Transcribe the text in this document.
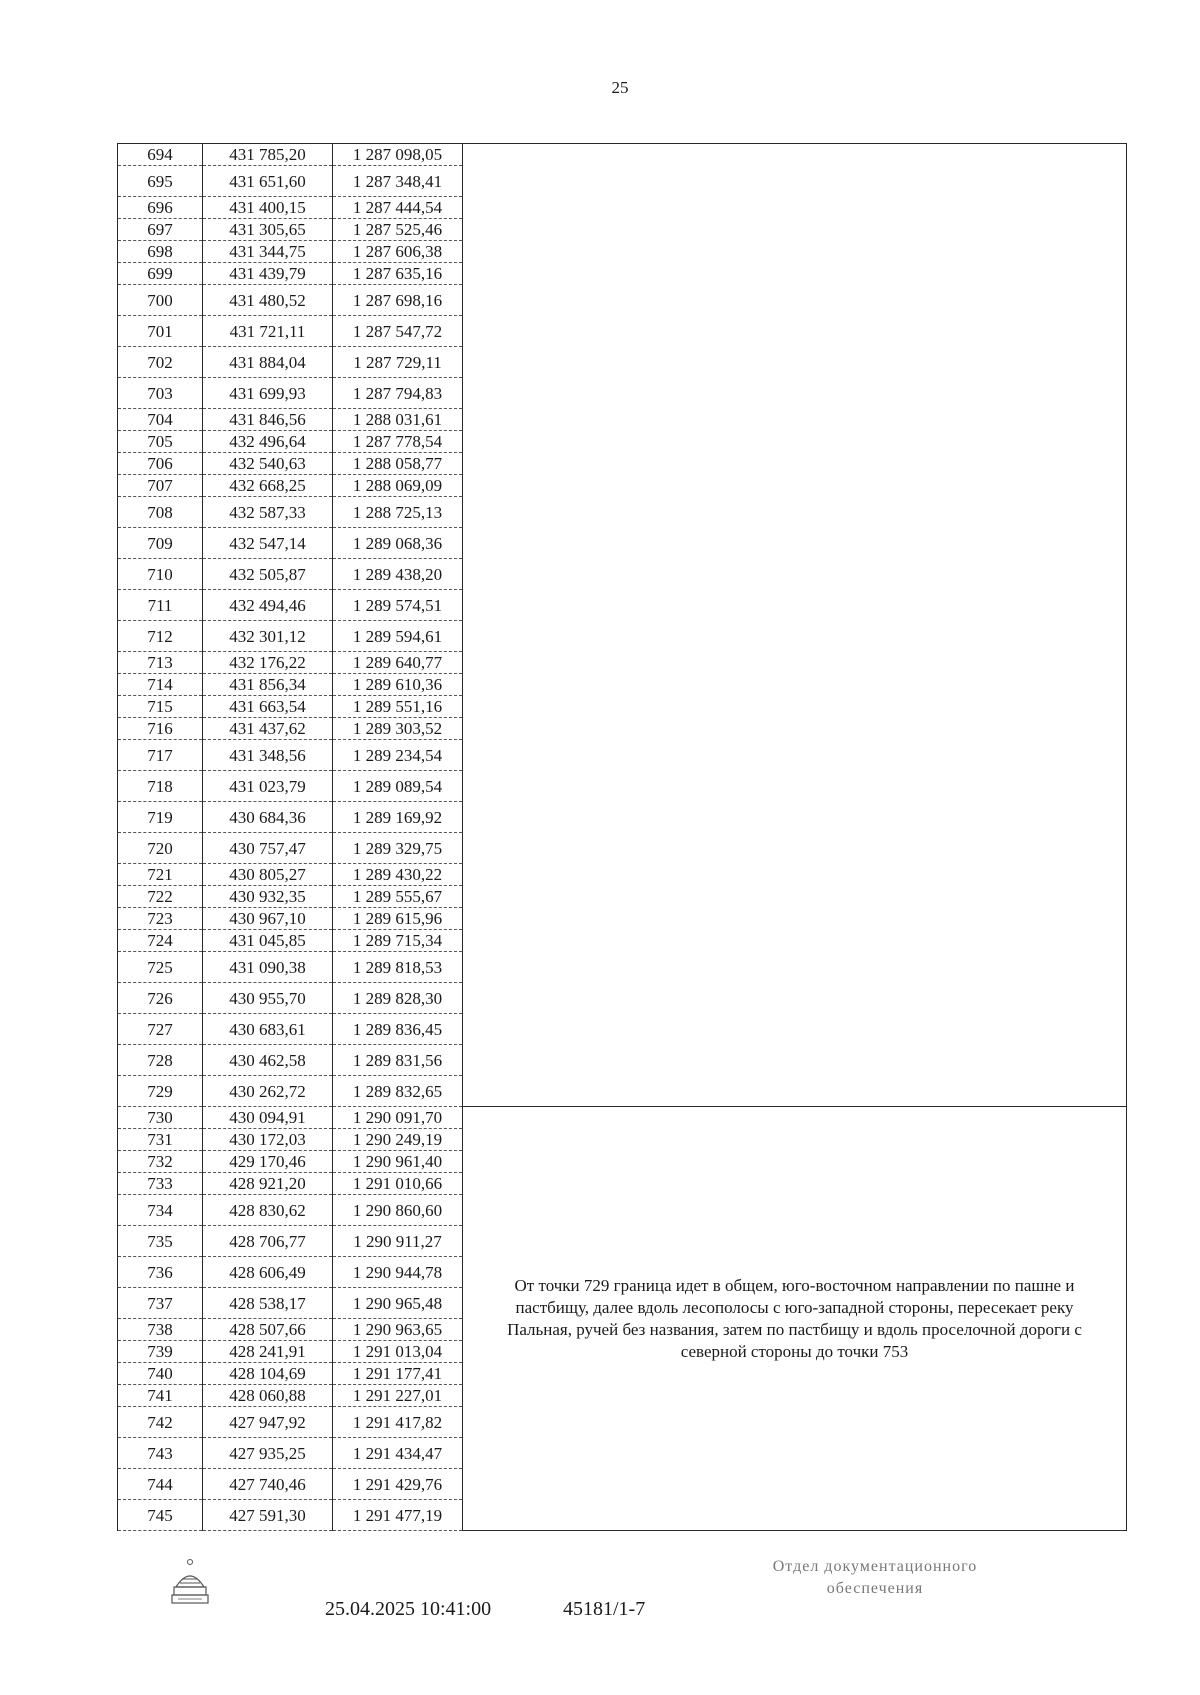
25
694	431 785,20	1 287 098,05	
695	431 651,60	1 287 348,41	
696	431 400,15	1 287 444,54	
697	431 305,65	1 287 525,46	
698	431 344,75	1 287 606,38	
699	431 439,79	1 287 635,16	
700	431 480,52	1 287 698,16	
701	431 721,11	1 287 547,72	
702	431 884,04	1 287 729,11	
703	431 699,93	1 287 794,83	
704	431 846,56	1 288 031,61	
705	432 496,64	1 287 778,54	
706	432 540,63	1 288 058,77	
707	432 668,25	1 288 069,09	
708	432 587,33	1 288 725,13	
709	432 547,14	1 289 068,36	
710	432 505,87	1 289 438,20	
711	432 494,46	1 289 574,51	
712	432 301,12	1 289 594,61	
713	432 176,22	1 289 640,77	
714	431 856,34	1 289 610,36	
715	431 663,54	1 289 551,16	
716	431 437,62	1 289 303,52	
717	431 348,56	1 289 234,54	
718	431 023,79	1 289 089,54	
719	430 684,36	1 289 169,92	
720	430 757,47	1 289 329,75	
721	430 805,27	1 289 430,22	
722	430 932,35	1 289 555,67	
723	430 967,10	1 289 615,96	
724	431 045,85	1 289 715,34	
725	431 090,38	1 289 818,53	
726	430 955,70	1 289 828,30	
727	430 683,61	1 289 836,45	
728	430 462,58	1 289 831,56	
729	430 262,72	1 289 832,65	
730	430 094,91	1 290 091,70	От точки 729 граница идет в общем, юго-восточном направлении по пашне и пастбищу, далее вдоль лесополосы с юго-западной стороны, пересекает реку Пальная, ручей без названия, затем по пастбищу и вдоль проселочной дороги с северной стороны до точки 753
731	430 172,03	1 290 249,19	
732	429 170,46	1 290 961,40	
733	428 921,20	1 291 010,66	
734	428 830,62	1 290 860,60	
735	428 706,77	1 290 911,27	
736	428 606,49	1 290 944,78	
737	428 538,17	1 290 965,48	
738	428 507,66	1 290 963,65	
739	428 241,91	1 291 013,04	
740	428 104,69	1 291 177,41	
741	428 060,88	1 291 227,01	
742	427 947,92	1 291 417,82	
743	427 935,25	1 291 434,47	
744	427 740,46	1 291 429,76	
745	427 591,30	1 291 477,19	
25.04.2025 10:41:00	45181/1-7
Отдел документационного
обеспечения
